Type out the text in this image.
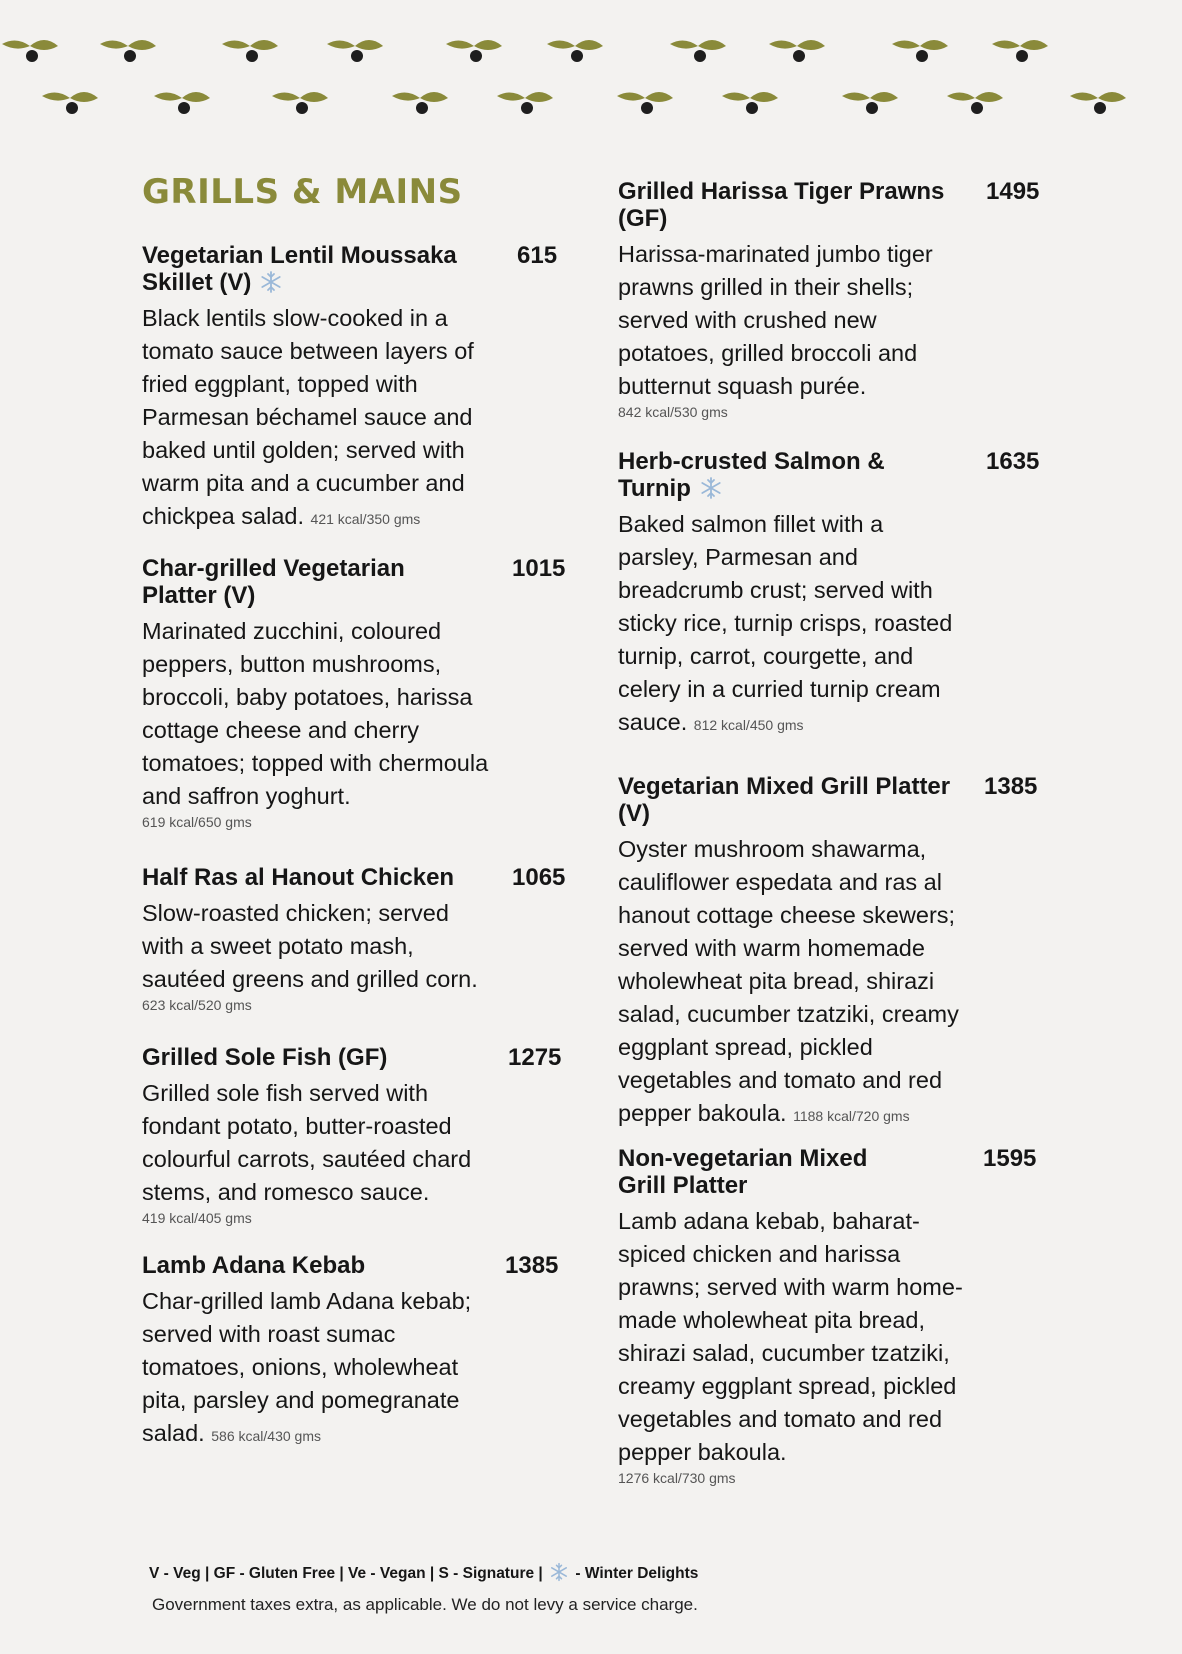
GRILLS & MAINS
Vegetarian Lentil Moussaka Skillet (V)
615

Black lentils slow-cooked in a tomato sauce between layers of fried eggplant, topped with Parmesan béchamel sauce and baked until golden; served with warm pita and a cucumber and chickpea salad. 421 kcal/350 gms

Char-grilled Vegetarian Platter (V)
1015

Marinated zucchini, coloured peppers, button mushrooms, broccoli, baby potatoes, harissa cottage cheese and cherry tomatoes; topped with chermoula and saffron yoghurt.

619 kcal/650 gms
Half Ras al Hanout Chicken	1065

Slow-roasted chicken; served with a sweet potato mash, sautéed greens and grilled corn.

623 kcal/520 gms
Grilled Sole Fish (GF)	1275

Grilled sole fish served with fondant potato, butter-roasted colourful carrots, sautéed chard stems, and romesco sauce.

419 kcal/405 gms
Lamb Adana Kebab	1385

Char-grilled lamb Adana kebab; served with roast sumac tomatoes, onions, wholewheat pita, parsley and pomegranate salad. 586 kcal/430 gms

Grilled Harissa Tiger Prawns (GF)
1495

Harissa-marinated jumbo tiger prawns grilled in their shells; served with crushed new potatoes, grilled broccoli and butternut squash purée.

842 kcal/530 gms
Herb-crusted Salmon & Turnip
1635

Baked salmon fillet with a parsley, Parmesan and breadcrumb crust; served with sticky rice, turnip crisps, roasted turnip, carrot, courgette, and celery in a curried turnip cream sauce. 812 kcal/450 gms

Vegetarian Mixed Grill Platter (V)
1385

Oyster mushroom shawarma, cauliflower espedata and ras al hanout cottage cheese skewers; served with warm homemade wholewheat pita bread, shirazi salad, cucumber tzatziki, creamy eggplant spread, pickled vegetables and tomato and red pepper bakoula. 1188 kcal/720 gms

Non-vegetarian Mixed Grill Platter
1595

Lamb adana kebab, baharat-spiced chicken and harissa prawns; served with warm home-made wholewheat pita bread, shirazi salad, cucumber tzatziki, creamy eggplant spread, pickled vegetables and tomato and red pepper bakoula.

1276 kcal/730 gms
V - Veg | GF - Gluten Free | Ve - Vegan | S - Signature | - Winter Delights
Government taxes extra, as applicable. We do not levy a service charge.
